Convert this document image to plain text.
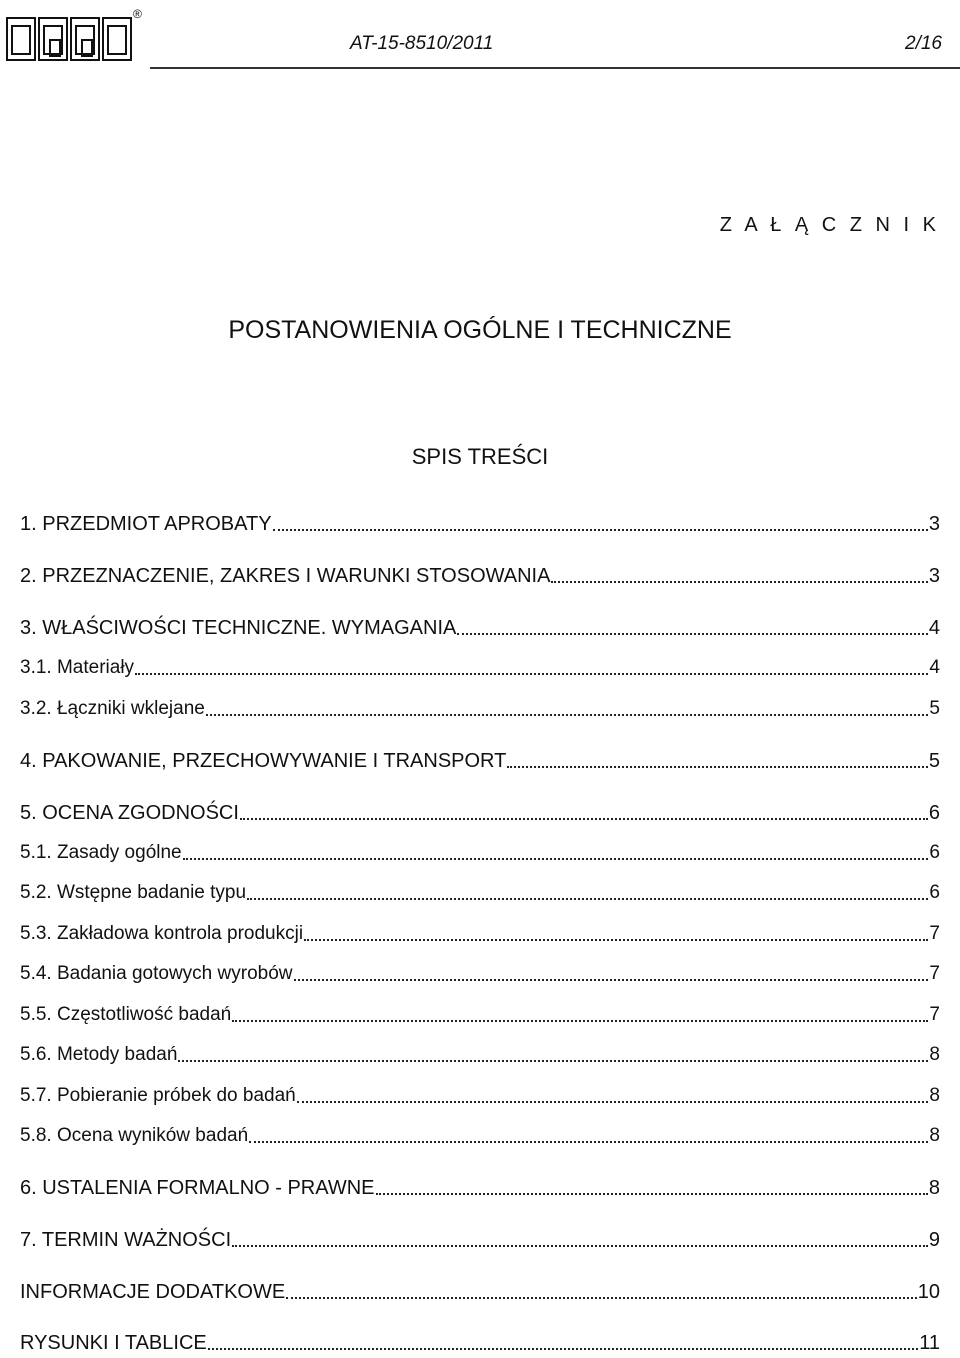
®
AT-15-8510/2011	2/16
Z A Ł Ą C Z N I K
POSTANOWIENIA OGÓLNE I TECHNICZNE
SPIS TREŚCI
1. PRZEDMIOT APROBATY	3
2. PRZEZNACZENIE, ZAKRES I WARUNKI STOSOWANIA	3
3. WŁAŚCIWOŚCI TECHNICZNE. WYMAGANIA	4
3.1. Materiały	4
3.2. Łączniki wklejane	5
4. PAKOWANIE, PRZECHOWYWANIE I TRANSPORT	5
5. OCENA ZGODNOŚCI	6
5.1. Zasady ogólne	6
5.2. Wstępne badanie typu	6
5.3. Zakładowa kontrola produkcji	7
5.4. Badania gotowych wyrobów	7
5.5. Częstotliwość badań	7
5.6. Metody badań	8
5.7. Pobieranie próbek do badań	8
5.8. Ocena wyników badań	8
6. USTALENIA FORMALNO - PRAWNE	8
7. TERMIN WAŻNOŚCI	9
INFORMACJE DODATKOWE	10
RYSUNKI I TABLICE	11
